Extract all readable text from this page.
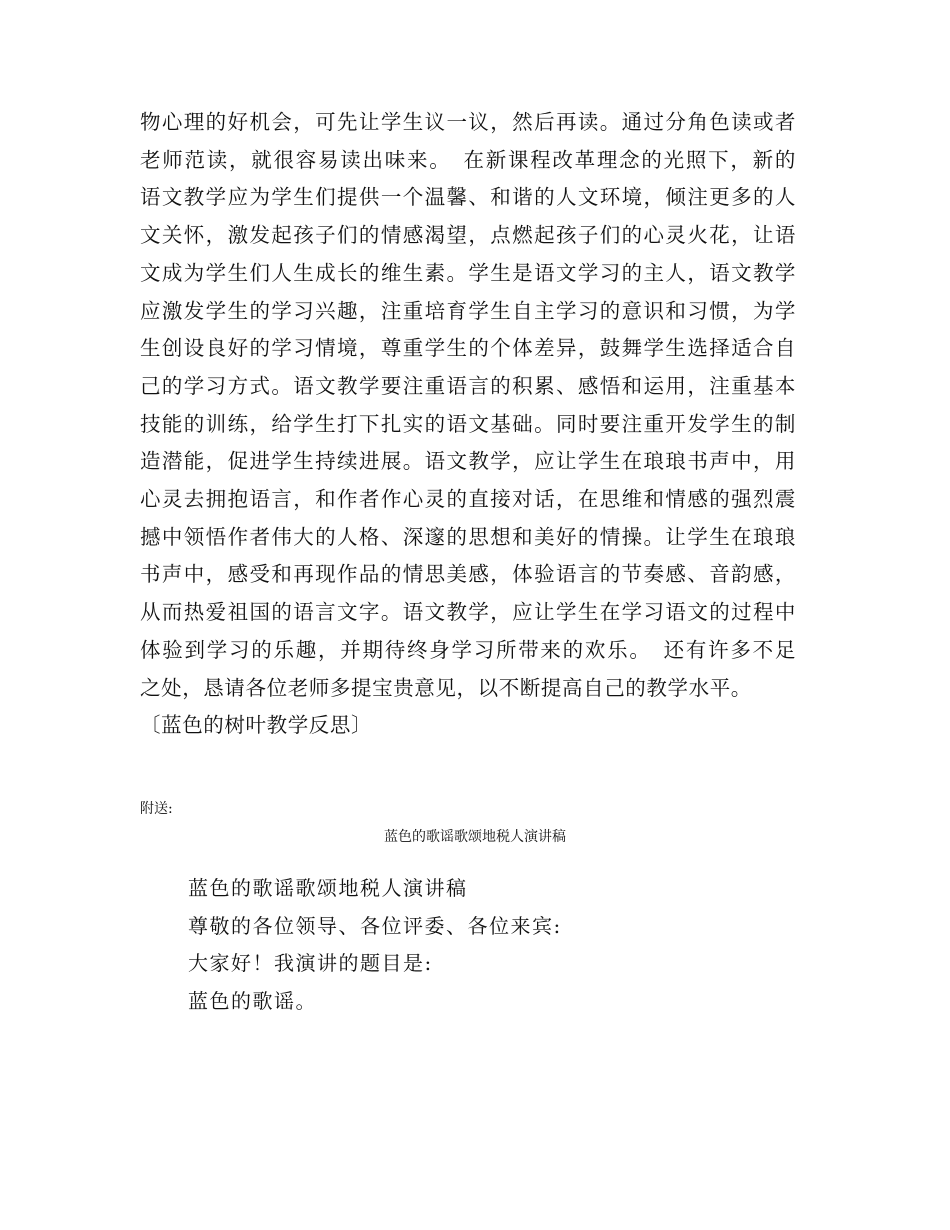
物心理的好机会，可先让学生议一议，然后再读。通过分角色读或者
老师范读，就很容易读出味来。　在新课程改革理念的光照下，新的
语文教学应为学生们提供一个温馨、和谐的人文环境，倾注更多的人
文关怀，激发起孩子们的情感渴望，点燃起孩子们的心灵火花，让语
文成为学生们人生成长的维生素。学生是语文学习的主人，语文教学
应激发学生的学习兴趣，注重培育学生自主学习的意识和习惯，为学
生创设良好的学习情境，尊重学生的个体差异，鼓舞学生选择适合自
己的学习方式。语文教学要注重语言的积累、感悟和运用，注重基本
技能的训练，给学生打下扎实的语文基础。同时要注重开发学生的制
造潜能，促进学生持续进展。语文教学，应让学生在琅琅书声中，用
心灵去拥抱语言，和作者作心灵的直接对话，在思维和情感的强烈震
撼中领悟作者伟大的人格、深邃的思想和美好的情操。让学生在琅琅
书声中，感受和再现作品的情思美感，体验语言的节奏感、音韵感，
从而热爱祖国的语言文字。语文教学，应让学生在学习语文的过程中
体验到学习的乐趣，并期待终身学习所带来的欢乐。　还有许多不足
之处，恳请各位老师多提宝贵意见，以不断提高自己的教学水平。
〔蓝色的树叶教学反思〕
附送:
蓝色的歌谣歌颂地税人演讲稿
蓝色的歌谣歌颂地税人演讲稿
尊敬的各位领导、各位评委、各位来宾:
大家好！我演讲的题目是:
蓝色的歌谣。
